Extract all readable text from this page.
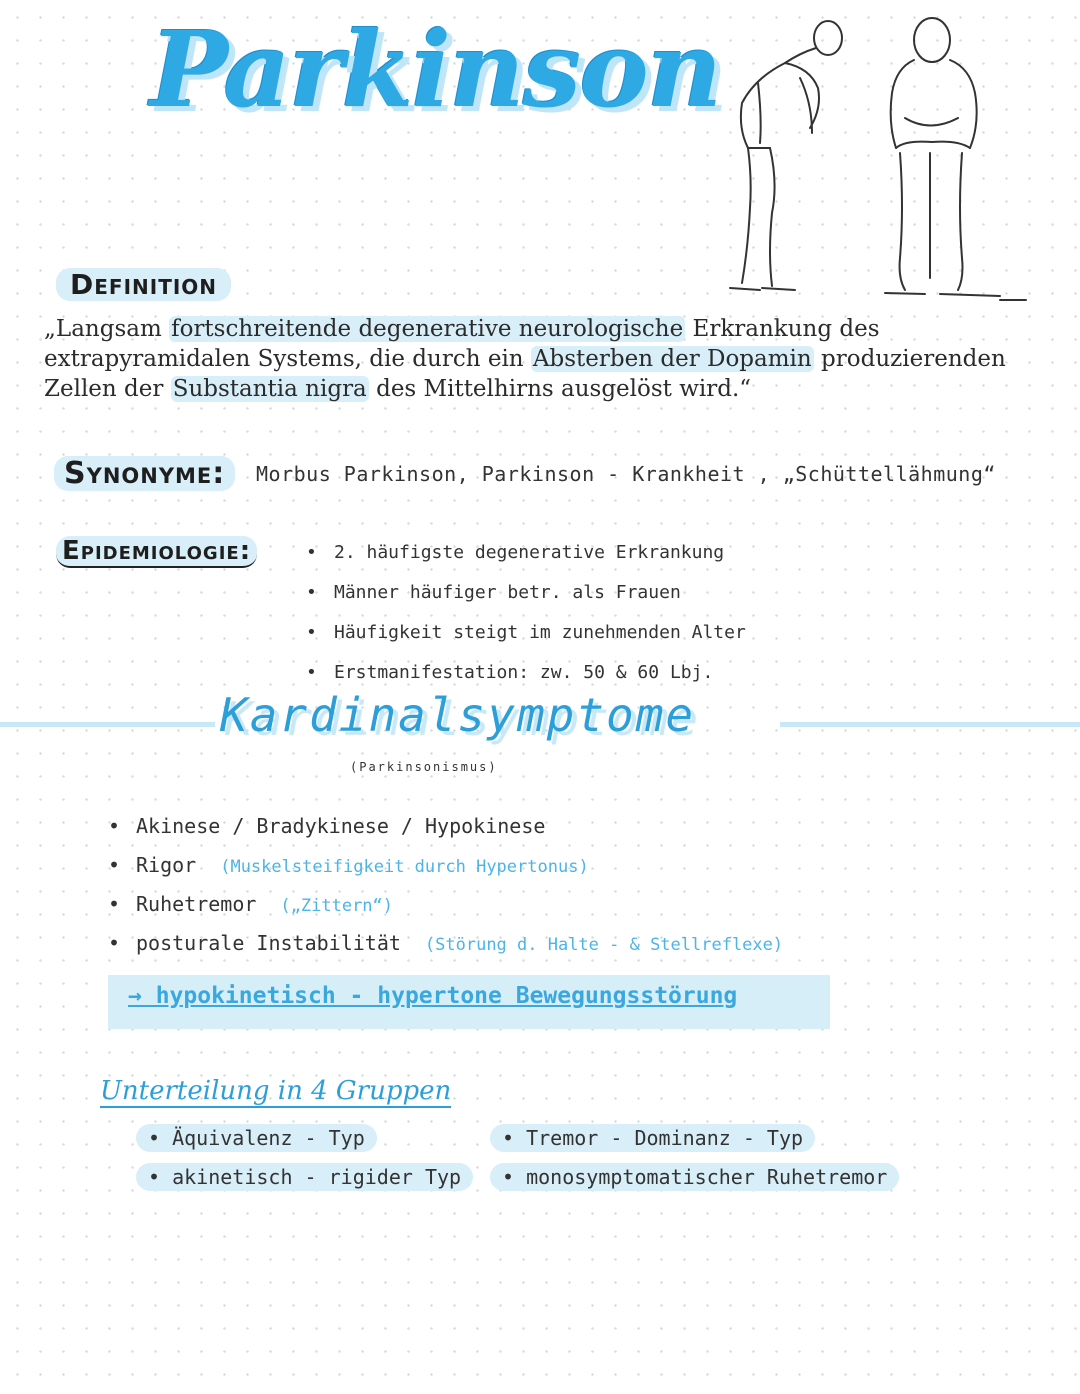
Parkinson
Definition
„Langsam fortschreitende degenerative neurologische Erkrankung des extrapyramidalen Systems, die durch ein Absterben der Dopamin produzierenden Zellen der Substantia nigra des Mittelhirns ausgelöst wird.“
Synonyme:	Morbus Parkinson, Parkinson - Krankheit , „Schüttellähmung“
Epidemiologie:
•	2. häufigste degenerative Erkrankung
• Männer häufiger betr. als Frauen
• Häufigkeit steigt im zunehmenden Alter
• Erstmanifestation: zw. 50 & 60 Lbj.
Kardinalsymptome
(Parkinsonismus)
• Akinese / Bradykinese / Hypokinese
• Rigor (Muskelsteifigkeit durch Hypertonus)
• Ruhetremor („Zittern“)
• posturale Instabilität (Störung d. Halte - & Stellreflexe)
→ hypokinetisch - hypertone Bewegungsstörung
Unterteilung in 4 Gruppen
• Äquivalenz - Typ
• akinetisch - rigider Typ
• Tremor - Dominanz - Typ
• monosymptomatischer Ruhetremor
